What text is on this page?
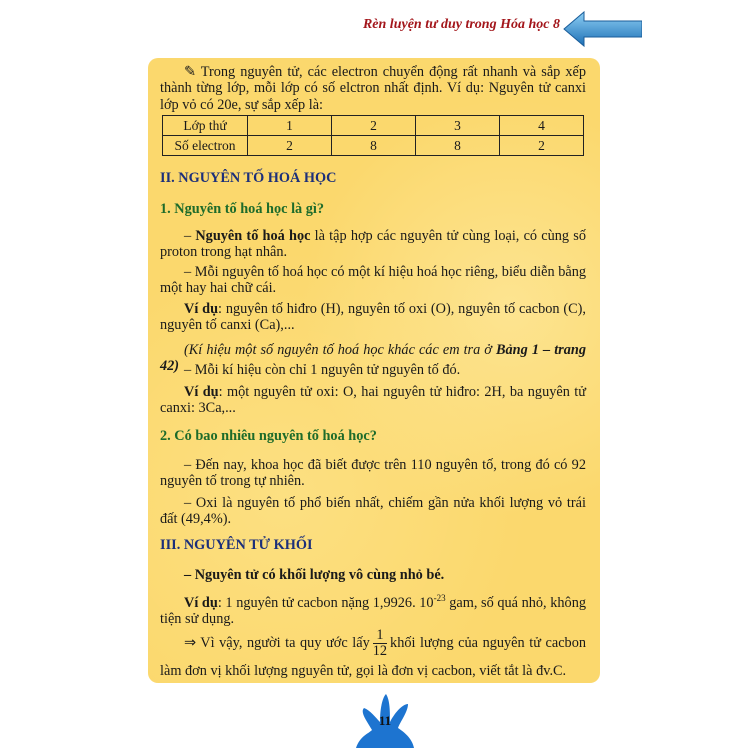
Rèn luyện tư duy trong Hóa học 8
✎ Trong nguyên tử, các electron chuyển động rất nhanh và sắp xếp thành từng lớp, mỗi lớp có số elctron nhất định. Ví dụ: Nguyên tử canxi lớp vỏ có 20e, sự sắp xếp là:
Lớp thứ	1	2	3	4
Số electron	2	8	8	2
II. NGUYÊN TỐ HOÁ HỌC
1. Nguyên tố hoá học là gì?
– Nguyên tố hoá học là tập hợp các nguyên tử cùng loại, có cùng số proton trong hạt nhân.
– Mỗi nguyên tố hoá học có một kí hiệu hoá học riêng, biểu diễn bằng một hay hai chữ cái.
Ví dụ: nguyên tố hiđro (H), nguyên tố oxi (O), nguyên tố cacbon (C), nguyên tố canxi (Ca),...
(Kí hiệu một số nguyên tố hoá học khác các em tra ở Bảng 1 – trang 42) – Mỗi kí hiệu còn chỉ 1 nguyên tử nguyên tố đó.
Ví dụ: một nguyên tử oxi: O, hai nguyên tử hiđro: 2H, ba nguyên tử canxi: 3Ca,...
2. Có bao nhiêu nguyên tố hoá học?
– Đến nay, khoa học đã biết được trên 110 nguyên tố, trong đó có 92 nguyên tố trong tự nhiên.
– Oxi là nguyên tố phổ biến nhất, chiếm gần nửa khối lượng vỏ trái đất (49,4%).
III. NGUYÊN TỬ KHỐI
– Nguyên tử có khối lượng vô cùng nhỏ bé.
Ví dụ: 1 nguyên tử cacbon nặng 1,9926. $10^{-23}$ gam, số quá nhỏ, không tiện sử dụng.
⇒ Vì vậy, người ta quy ước lấy $\frac{1}{12}$ khối lượng của nguyên tử cacbon làm đơn vị khối lượng nguyên tử, gọi là đơn vị cacbon, viết tắt là đv.C.
11
